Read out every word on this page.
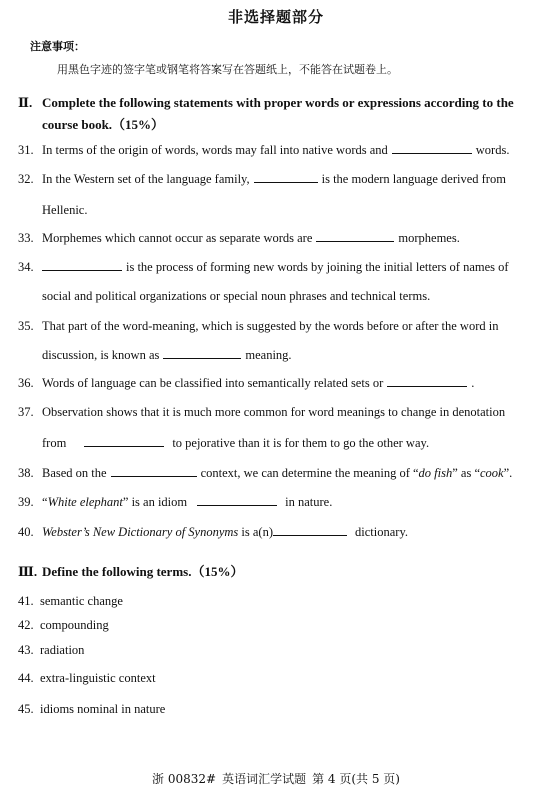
非选择题部分
注意事项：
用黑色字迹的签字笔或钢笔将答案写在答题纸上，不能答在试题卷上。
Ⅱ. Complete the following statements with proper words or expressions according to the
course book.（15%）
31. In terms of the origin of words, words may fall into native words and	words.
32. In the Western set of the language family,	is the modern language derived from
Hellenic.
33. Morphemes which cannot occur as separate words are	morphemes.
34.	is the process of forming new words by joining the initial letters of names of
social and political organizations or special noun phrases and technical terms.
35. That part of the word-meaning, which is suggested by the words before or after the word in
discussion, is known as	meaning.
36. Words of language can be classified into semantically related sets or	.
37. Observation shows that it is much more common for word meanings to change in denotation
from	to pejorative than it is for them to go the other way.
38. Based on the	context, we can determine the meaning of “do fish” as “cook”.
39. “White elephant” is an idiom	in nature.
40. Webster’s New Dictionary of Synonyms is a(n)	dictionary.
Ⅲ. Define the following terms.（15%）
41. semantic change
42. compounding
43. radiation
44. extra-linguistic context
45. idioms nominal in nature
浙 00832# 英语词汇学试题 第 4 页(共 5 页)
